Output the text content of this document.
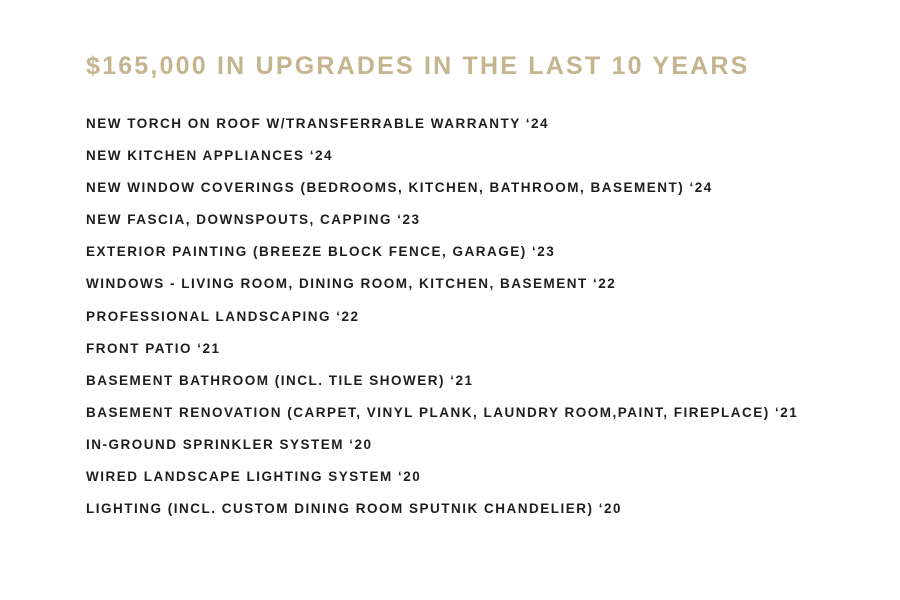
$165,000 IN UPGRADES IN THE LAST 10 YEARS
NEW TORCH ON ROOF W/TRANSFERRABLE WARRANTY ‘24
NEW KITCHEN APPLIANCES ‘24
NEW WINDOW COVERINGS (BEDROOMS, KITCHEN, BATHROOM, BASEMENT) ‘24
NEW FASCIA, DOWNSPOUTS, CAPPING ‘23
EXTERIOR PAINTING (BREEZE BLOCK FENCE, GARAGE) ‘23
WINDOWS - LIVING ROOM, DINING ROOM, KITCHEN, BASEMENT ‘22
PROFESSIONAL LANDSCAPING ‘22
FRONT PATIO ‘21
BASEMENT BATHROOM (INCL. TILE SHOWER) ‘21
BASEMENT RENOVATION (CARPET, VINYL PLANK, LAUNDRY ROOM,PAINT, FIREPLACE) ‘21
IN-GROUND SPRINKLER SYSTEM ‘20
WIRED LANDSCAPE LIGHTING SYSTEM ‘20
LIGHTING (INCL. CUSTOM DINING ROOM SPUTNIK CHANDELIER) ‘20
